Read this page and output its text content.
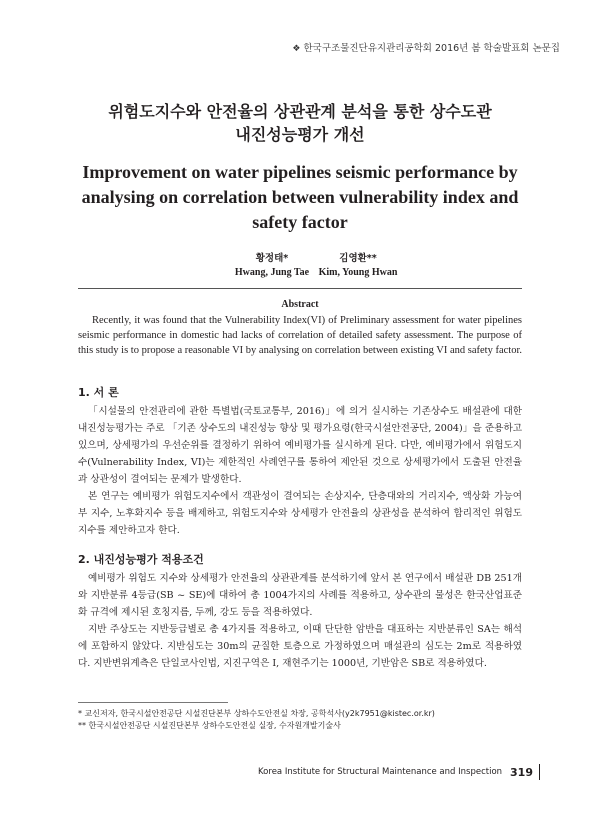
❖ 한국구조물진단유지관리공학회 2016년 봄 학술발표회 논문집
위험도지수와 안전율의 상관관계 분석을 통한 상수도관
내진성능평가 개선
Improvement on water pipelines seismic performance by
analysing on correlation between vulnerability index and
safety factor
황정태*
Hwang, Jung Tae
김영환**
Kim, Young Hwan
Abstract

Recently, it was found that the Vulnerability Index(VI) of Preliminary assessment for water pipelines seismic performance in domestic had lacks of correlation of detailed safety assessment. The purpose of this study is to propose a reasonable VI by analysing on correlation between existing VI and safety factor.

1. 서 론

「시설물의 안전관리에 관한 특별법(국토교통부, 2016)」에 의거 실시하는 기존상수도 배설관에 대한 내진성능평가는 주로 「기존 상수도의 내진성능 향상 및 평가요령(한국시설안전공단, 2004)」을 준용하고 있으며, 상세평가의 우선순위를 결정하기 위하여 예비평가를 실시하게 된다. 다만, 예비평가에서 위험도지수(Vulnerability Index, VI)는 제한적인 사례연구를 통하여 제안된 것으로 상세평가에서 도출된 안전율과 상관성이 결여되는 문제가 발생한다.

본 연구는 예비평가 위험도지수에서 객관성이 결여되는 손상지수, 단층대와의 거리지수, 액상화 가능여부 지수, 노후화지수 등을 배제하고, 위험도지수와 상세평가 안전율의 상관성을 분석하여 합리적인 위험도지수를 제안하고자 한다.

2. 내진성능평가 적용조건

예비평가 위험도 지수와 상세평가 안전율의 상관관계를 분석하기에 앞서 본 연구에서 배설관 DB 251개와 지반분류 4등급(SB ~ SE)에 대하여 총 1004가지의 사례를 적용하고, 상수관의 물성은 한국산업표준화 규격에 제시된 호칭지름, 두께, 강도 등을 적용하였다.

지반 주상도는 지반등급별로 총 4가지를 적용하고, 이때 단단한 암반을 대표하는 지반분류인 SA는 해석에 포함하지 않았다. 지반심도는 30m의 균질한 토층으로 가정하였으며 매설관의 심도는 2m로 적용하였다. 지반변위계측은 단일코사인법, 지진구역은 I, 재현주기는 1000년, 기반암은 SB로 적용하였다.

* 교신저자, 한국시설안전공단 시설진단본부 상하수도안전실 차장, 공학석사(y2k7951@kistec.or.kr)
** 한국시설안전공단 시설진단본부 상하수도안전실 실장, 수자원개발기술사
Korea Institute for Structural Maintenance and Inspection 319
